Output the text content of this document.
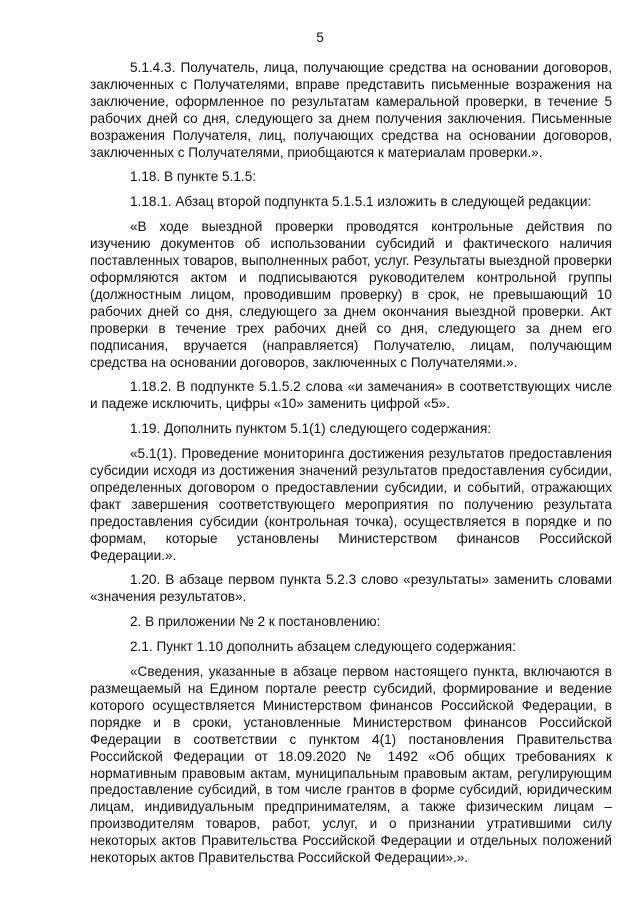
5

5.1.4.3. Получатель, лица, получающие средства на основании договоров, заключенных с Получателями, вправе представить письменные возражения на заключение, оформленное по результатам камеральной проверки, в течение 5 рабочих дней со дня, следующего за днем получения заключения. Письменные возражения Получателя, лиц, получающих средства на основании договоров, заключенных с Получателями, приобщаются к материалам проверки.».

1.18. В пункте 5.1.5:

1.18.1. Абзац второй подпункта 5.1.5.1 изложить в следующей редакции:

«В ходе выездной проверки проводятся контрольные действия по изучению документов об использовании субсидий и фактического наличия поставленных товаров, выполненных работ, услуг. Результаты выездной проверки оформляются актом и подписываются руководителем контрольной группы (должностным лицом, проводившим проверку) в срок, не превышающий 10 рабочих дней со дня, следующего за днем окончания выездной проверки. Акт проверки в течение трех рабочих дней со дня, следующего за днем его подписания, вручается (направляется) Получателю, лицам, получающим средства на основании договоров, заключенных с Получателями.».

1.18.2. В подпункте 5.1.5.2 слова «и замечания» в соответствующих числе и падеже исключить, цифры «10» заменить цифрой «5».

1.19. Дополнить пунктом 5.1(1) следующего содержания:

«5.1(1). Проведение мониторинга достижения результатов предоставления субсидии исходя из достижения значений результатов предоставления субсидии, определенных договором о предоставлении субсидии, и событий, отражающих факт завершения соответствующего мероприятия по получению результата предоставления субсидии (контрольная точка), осуществляется в порядке и по формам, которые установлены Министерством финансов Российской Федерации.».

1.20. В абзаце первом пункта 5.2.3 слово «результаты» заменить словами «значения результатов».

2. В приложении № 2 к постановлению:

2.1. Пункт 1.10 дополнить абзацем следующего содержания:

«Сведения, указанные в абзаце первом настоящего пункта, включаются в размещаемый на Едином портале реестр субсидий, формирование и ведение которого осуществляется Министерством финансов Российской Федерации, в порядке и в сроки, установленные Министерством финансов Российской Федерации в соответствии с пунктом 4(1) постановления Правительства Российской Федерации от 18.09.2020 № 1492 «Об общих требованиях к нормативным правовым актам, муниципальным правовым актам, регулирующим предоставление субсидий, в том числе грантов в форме субсидий, юридическим лицам, индивидуальным предпринимателям, а также физическим лицам – производителям товаров, работ, услуг, и о признании утратившими силу некоторых актов Правительства Российской Федерации и отдельных положений некоторых актов Правительства Российской Федерации».».
